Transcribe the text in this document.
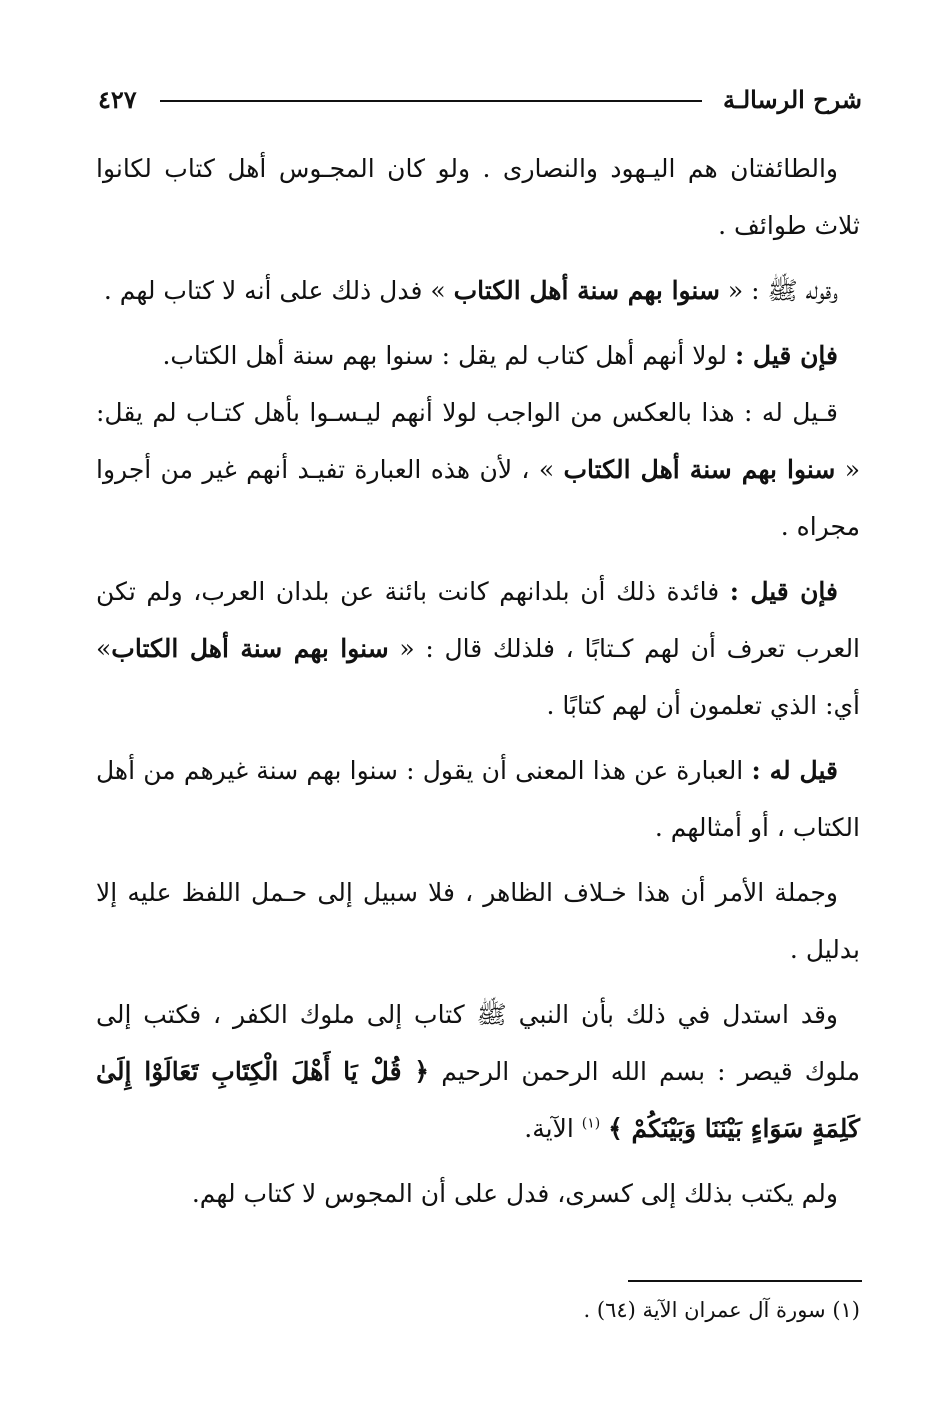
شرح الرسالـة
٤٢٧

والطائفتان هم اليـهود والنصارى . ولو كان المجـوس أهل كتاب لكانوا ثلاث طوائف .

وقوله ﷺ : « سنوا بهم سنة أهل الكتاب » فدل ذلك على أنه لا كتاب لهم .

فإن قيل : لولا أنهم أهل كتاب لم يقل : سنوا بهم سنة أهل الكتاب.

قـيل له : هذا بالعكس من الواجب لولا أنهم ليـسـوا بأهل كتـاب لم يقل: « سنوا بهم سنة أهل الكتاب » ، لأن هذه العبارة تفيـد أنهم غير من أجروا مجراه .

فإن قيل : فائدة ذلك أن بلدانهم كانت بائنة عن بلدان العرب، ولم تكن العرب تعرف أن لهم كـتابًا ، فلذلك قال : « سنوا بهم سنة أهل الكتاب» أي: الذي تعلمون أن لهم كتابًا .

قيل له : العبارة عن هذا المعنى أن يقول : سنوا بهم سنة غيرهم من أهل الكتاب ، أو أمثالهم .

وجملة الأمر أن هذا خـلاف الظاهر ، فلا سبيل إلى حـمل اللفظ عليه إلا بدليل .

وقد استدل في ذلك بأن النبي ﷺ كتاب إلى ملوك الكفر ، فكتب إلى ملوك قيصر : بسم الله الرحمن الرحيم ﴿ قُلْ يَا أَهْلَ الْكِتَابِ تَعَالَوْا إِلَىٰ كَلِمَةٍ سَوَاءٍ بَيْنَنَا وَبَيْنَكُمْ ﴾ $^{(١)}$ الآية.

ولم يكتب بذلك إلى كسرى، فدل على أن المجوس لا كتاب لهم.

(١) سورة آل عمران الآية (٦٤) .
